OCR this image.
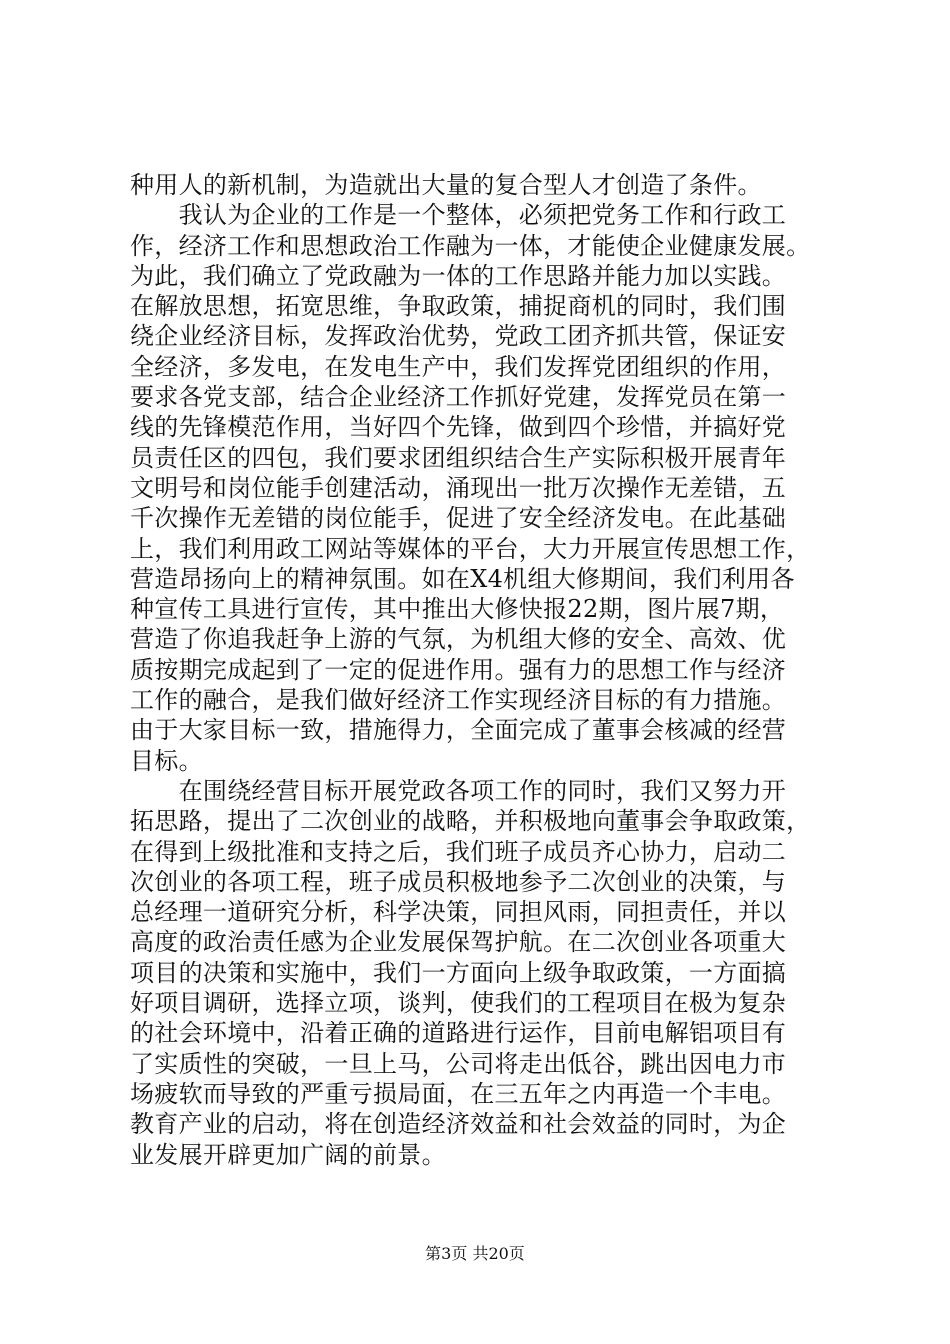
种用人的新机制，为造就出大量的复合型人才创造了条件。
　　我认为企业的工作是一个整体，必须把党务工作和行政工
作，经济工作和思想政治工作融为一体，才能使企业健康发展。
为此，我们确立了党政融为一体的工作思路并能力加以实践。
在解放思想，拓宽思维，争取政策，捕捉商机的同时，我们围
绕企业经济目标，发挥政治优势，党政工团齐抓共管，保证安
全经济，多发电，在发电生产中，我们发挥党团组织的作用，
要求各党支部，结合企业经济工作抓好党建，发挥党员在第一
线的先锋模范作用，当好四个先锋，做到四个珍惜，并搞好党
员责任区的四包，我们要求团组织结合生产实际积极开展青年
文明号和岗位能手创建活动，涌现出一批万次操作无差错，五
千次操作无差错的岗位能手，促进了安全经济发电。在此基础
上，我们利用政工网站等媒体的平台，大力开展宣传思想工作，
营造昂扬向上的精神氛围。如在X4机组大修期间，我们利用各
种宣传工具进行宣传，其中推出大修快报22期，图片展7期，
营造了你追我赶争上游的气氛，为机组大修的安全、高效、优
质按期完成起到了一定的促进作用。强有力的思想工作与经济
工作的融合，是我们做好经济工作实现经济目标的有力措施。
由于大家目标一致，措施得力，全面完成了董事会核减的经营
目标。
　　在围绕经营目标开展党政各项工作的同时，我们又努力开
拓思路，提出了二次创业的战略，并积极地向董事会争取政策，
在得到上级批准和支持之后，我们班子成员齐心协力，启动二
次创业的各项工程，班子成员积极地参予二次创业的决策，与
总经理一道研究分析，科学决策，同担风雨，同担责任，并以
高度的政治责任感为企业发展保驾护航。在二次创业各项重大
项目的决策和实施中，我们一方面向上级争取政策，一方面搞
好项目调研，选择立项，谈判，使我们的工程项目在极为复杂
的社会环境中，沿着正确的道路进行运作，目前电解铝项目有
了实质性的突破，一旦上马，公司将走出低谷，跳出因电力市
场疲软而导致的严重亏损局面，在三五年之内再造一个丰电。
教育产业的启动，将在创造经济效益和社会效益的同时，为企
业发展开辟更加广阔的前景。
第3页 共20页
